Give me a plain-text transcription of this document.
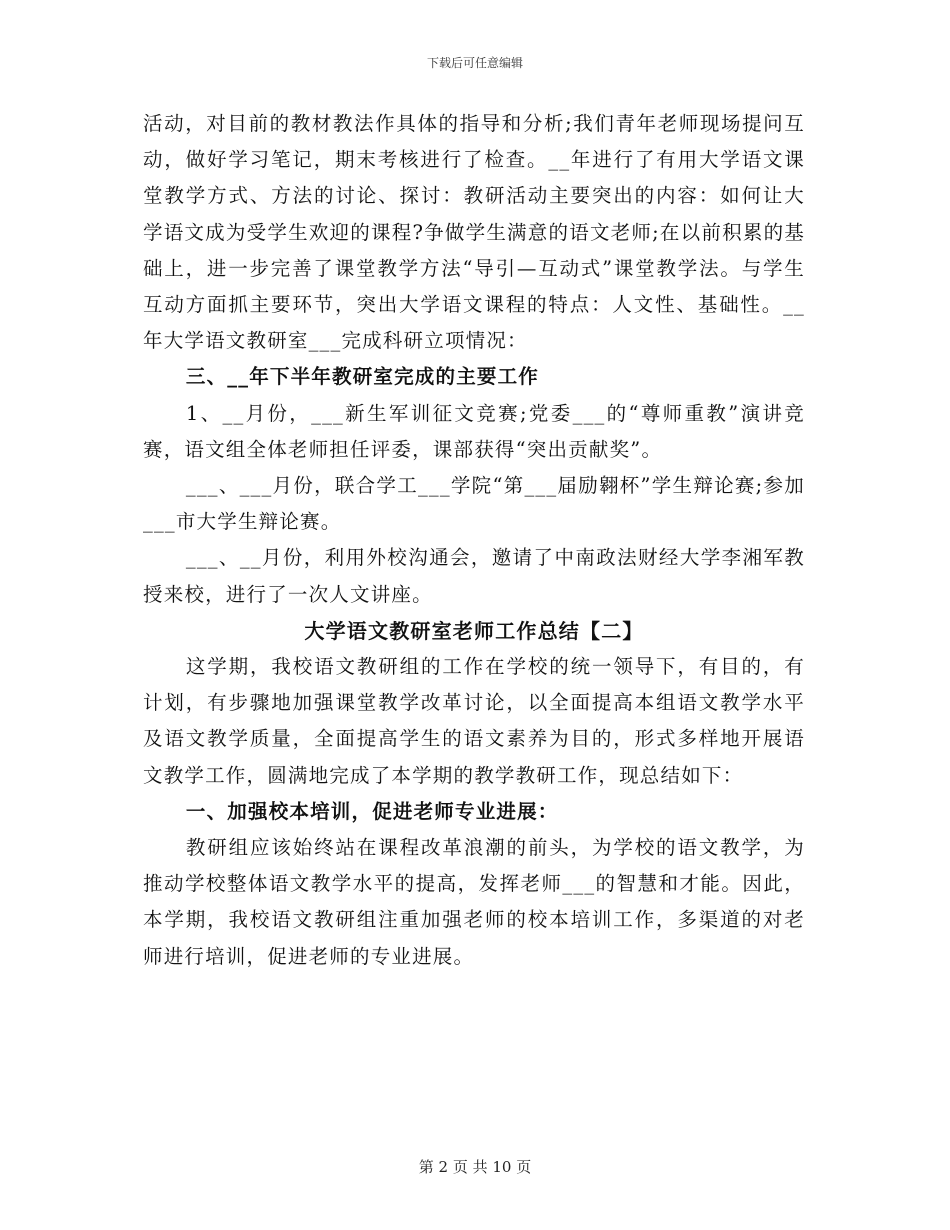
下载后可任意编辑

活动，对目前的教材教法作具体的指导和分析;我们青年老师现场提问互动，做好学习笔记，期末考核进行了检查。__年进行了有用大学语文课堂教学方式、方法的讨论、探讨：教研活动主要突出的内容：如何让大学语文成为受学生欢迎的课程?争做学生满意的语文老师;在以前积累的基础上，进一步完善了课堂教学方法“导引—互动式”课堂教学法。与学生互动方面抓主要环节，突出大学语文课程的特点：人文性、基础性。__年大学语文教研室___完成科研立项情况：

三、__年下半年教研室完成的主要工作

1、__月份，___新生军训征文竞赛;党委___的“尊师重教”演讲竞赛，语文组全体老师担任评委，课部获得“突出贡献奖”。

___、___月份，联合学工___学院“第___届励翱杯”学生辩论赛;参加___市大学生辩论赛。

___、__月份，利用外校沟通会，邀请了中南政法财经大学李湘军教授来校，进行了一次人文讲座。

大学语文教研室老师工作总结【二】

这学期，我校语文教研组的工作在学校的统一领导下，有目的，有计划，有步骤地加强课堂教学改革讨论，以全面提高本组语文教学水平及语文教学质量，全面提高学生的语文素养为目的，形式多样地开展语文教学工作，圆满地完成了本学期的教学教研工作，现总结如下：

一、加强校本培训，促进老师专业进展：

教研组应该始终站在课程改革浪潮的前头，为学校的语文教学，为推动学校整体语文教学水平的提高，发挥老师___的智慧和才能。因此，本学期，我校语文教研组注重加强老师的校本培训工作，多渠道的对老师进行培训，促进老师的专业进展。

第 2 页 共 10 页
